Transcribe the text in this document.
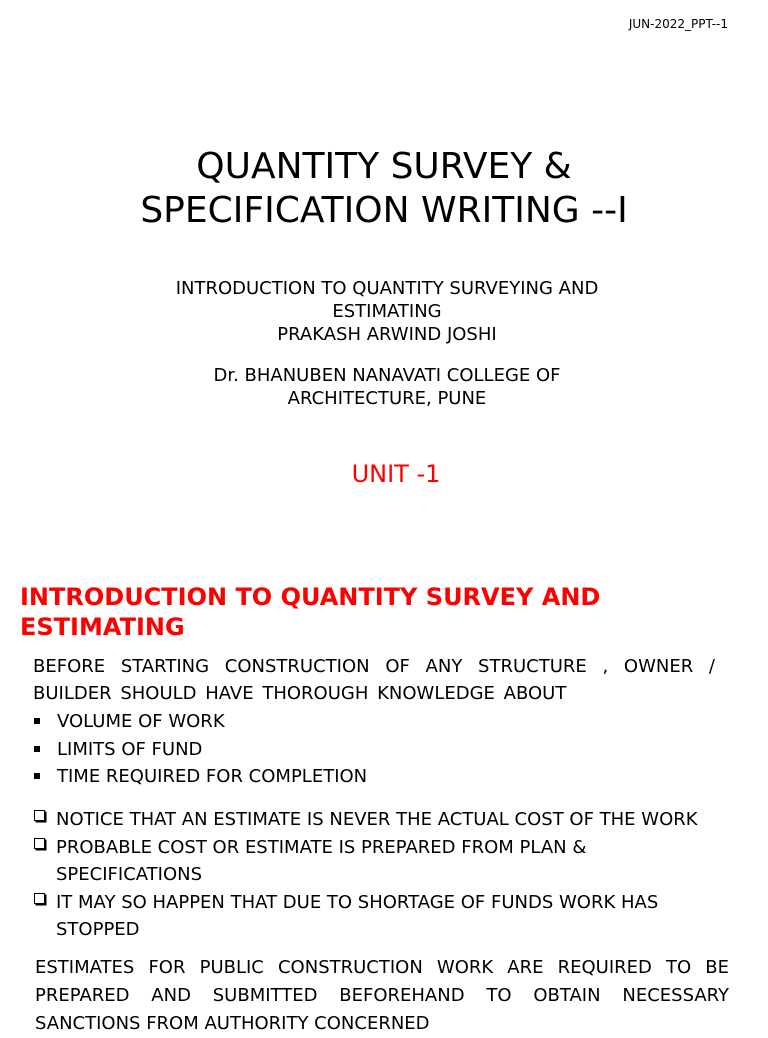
JUN-2022_PPT--1
QUANTITY SURVEY &
SPECIFICATION WRITING --I
INTRODUCTION TO QUANTITY SURVEYING AND
ESTIMATING
PRAKASH ARWIND JOSHI
Dr. BHANUBEN NANAVATI COLLEGE OF
ARCHITECTURE, PUNE
UNIT -1
INTRODUCTION TO QUANTITY SURVEY AND
ESTIMATING
BEFORE STARTING CONSTRUCTION OF ANY STRUCTURE , OWNER /
BUILDER SHOULD HAVE THOROUGH KNOWLEDGE ABOUT
VOLUME OF WORK
LIMITS OF FUND
TIME REQUIRED FOR COMPLETION
NOTICE THAT AN ESTIMATE IS NEVER THE ACTUAL COST OF THE WORK
PROBABLE COST OR ESTIMATE IS PREPARED FROM PLAN & SPECIFICATIONS
IT MAY SO HAPPEN THAT DUE TO SHORTAGE OF FUNDS WORK HAS STOPPED
ESTIMATES FOR PUBLIC CONSTRUCTION WORK ARE REQUIRED TO BE
PREPARED AND SUBMITTED BEFOREHAND TO OBTAIN NECESSARY
SANCTIONS FROM AUTHORITY CONCERNED
